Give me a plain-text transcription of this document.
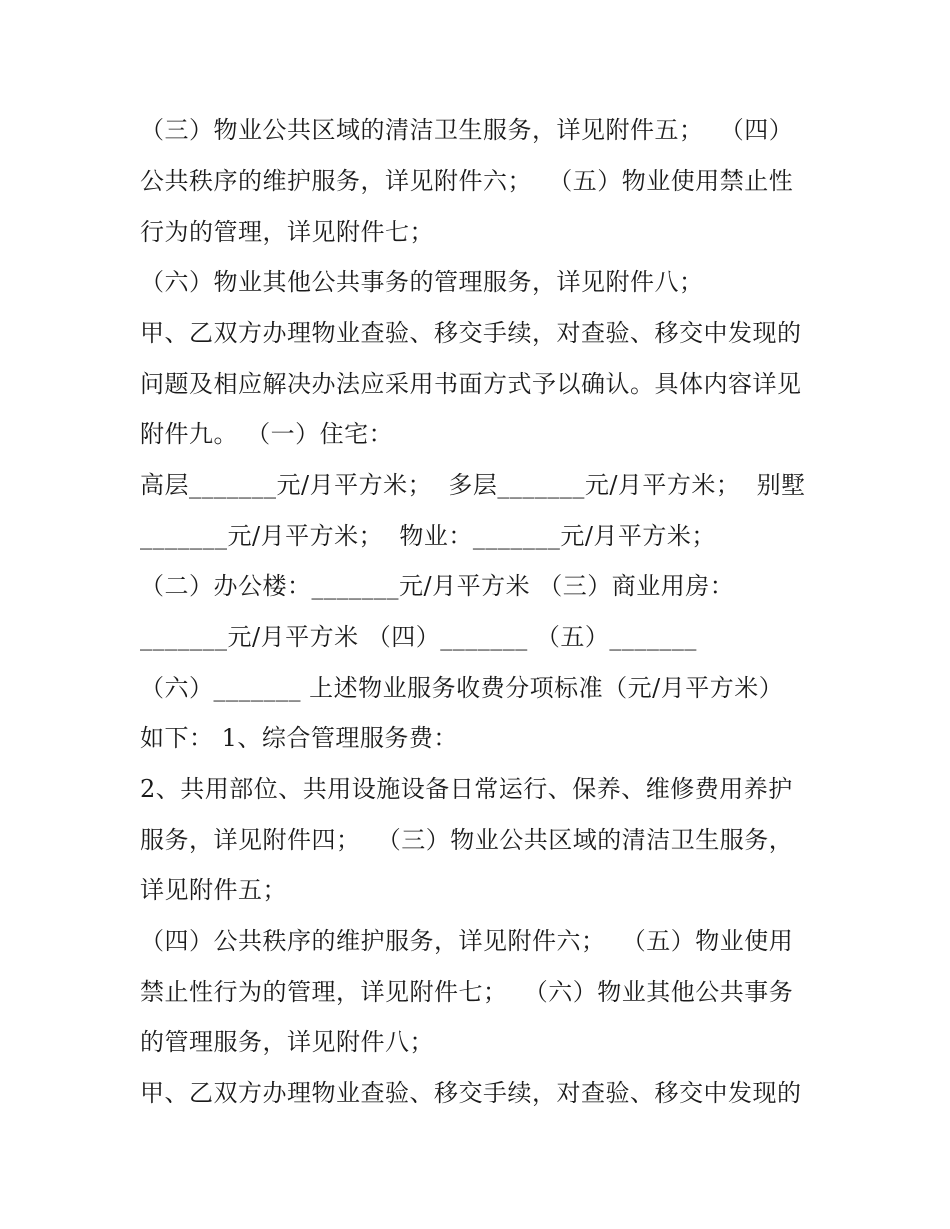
（三）物业公共区域的清洁卫生服务，详见附件五；  （四）
公共秩序的维护服务，详见附件六；  （五）物业使用禁止性
行为的管理，详见附件七；
（六）物业其他公共事务的管理服务，详见附件八；
甲、乙双方办理物业查验、移交手续，对查验、移交中发现的
问题及相应解决办法应采用书面方式予以确认。具体内容详见
附件九。 （一）住宅：
高层_______元/月平方米；  多层_______元/月平方米；  别墅
_______元/月平方米；  物业：_______元/月平方米；
（二）办公楼：_______元/月平方米 （三）商业用房：
_______元/月平方米 （四）_______ （五）_______
（六）_______ 上述物业服务收费分项标准（元/月平方米）
如下： 1、综合管理服务费：
2、共用部位、共用设施设备日常运行、保养、维修费用养护
服务，详见附件四；  （三）物业公共区域的清洁卫生服务，
详见附件五；
（四）公共秩序的维护服务，详见附件六；  （五）物业使用
禁止性行为的管理，详见附件七；  （六）物业其他公共事务
的管理服务，详见附件八；
甲、乙双方办理物业查验、移交手续，对查验、移交中发现的
